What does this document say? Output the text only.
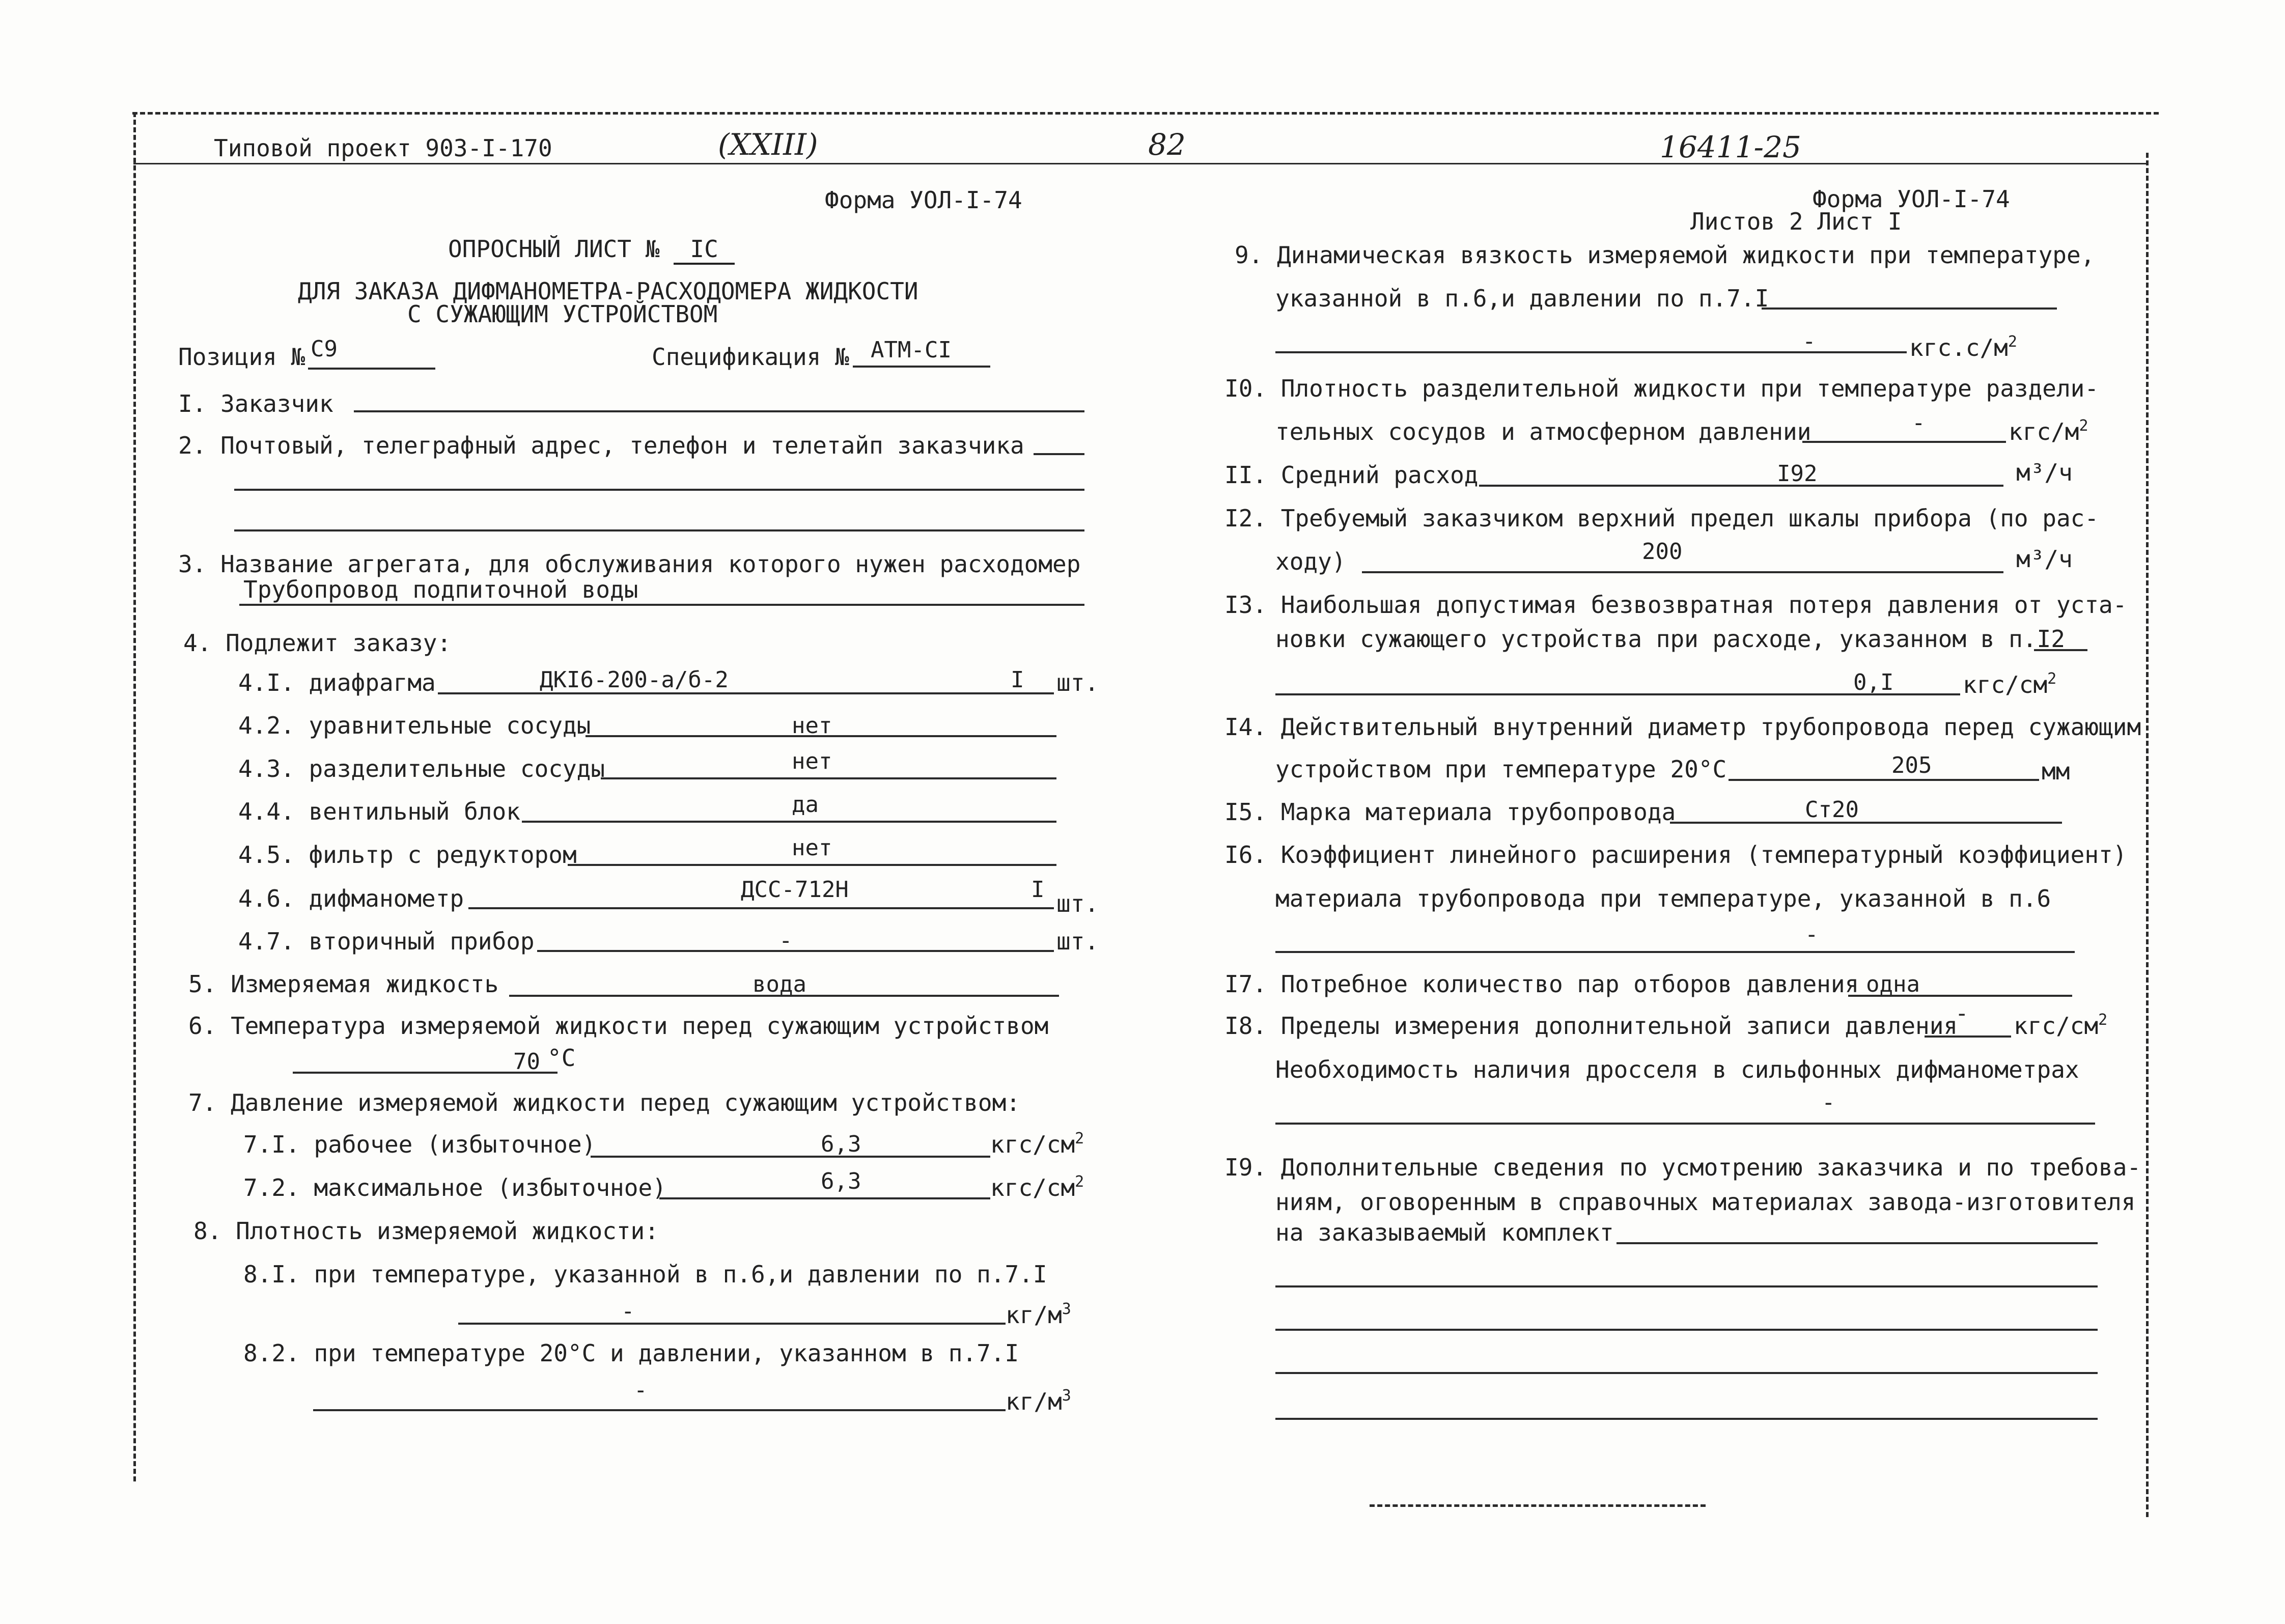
Типовой проект 903-I-170	(XXIII)	82	16411-25
Форма УОЛ-I-74
ОПРОСНЫЙ ЛИСТ № IC
ДЛЯ ЗАКАЗА ДИФМАНОМЕТРА-РАСХОДОМЕРА ЖИДКОСТИ
С СУЖАЮЩИМ УСТРОЙСТВОМ
Позиция № C9	Спецификация № ATM-CI
I. Заказчик
2. Почтовый, телеграфный адрес, телефон и телетайп заказчика
3. Название агрегата, для обслуживания которого нужен расходомер
Трубопровод подпиточной воды
4. Подлежит заказу:
4.I. диафрагма	ДКI6-200-а/б-2	I шт.
4.2. уравнительные сосуды	нет
4.3. разделительные сосуды	нет
4.4. вентильный блок	да
4.5. фильтр с редуктором	нет
4.6. дифманометр	ДСС-712Н	I
шт.
4.7. вторичный прибор	-	шт.
5. Измеряемая жидкость	вода
6. Температура измеряемой жидкости перед сужающим устройством
70 °C
7. Давление измеряемой жидкости перед сужающим устройством:
7.I. рабочее (избыточное)	6,3	кгс/$см^2$
7.2. максимальное (избыточное)	6,3	кгс/$см^2$
8. Плотность измеряемой жидкости:
8.I. при температуре, указанной в п.6,и давлении по п.7.I
-	$кг/м^3$
8.2. при температуре 20°С и давлении, указанном в п.7.I
-	$кг/м^3$
Форма УОЛ-I-74
Листов 2 Лист I
9. Динамическая вязкость измеряемой жидкости при температуре,
указанной в п.6,и давлении по п.7.I
-	$кгс.с/м^2$
I0. Плотность разделительной жидкости при температуре раздели-
тельных сосудов и атмосферном давлении	-	кгс/$м^2$
II. Средний расход	I92	м³/ч
I2. Требуемый заказчиком верхний предел шкалы прибора (по рас-
ходу)	200	м³/ч
I3. Наибольшая допустимая безвозвратная потеря давления от уста-
новки сужающего устройства при расходе, указанном в п.I2
0,I	кгс/$см^2$
I4. Действительный внутренний диаметр трубопровода перед сужающим
устройством при температуре 20°С	205	мм
I5. Марка материала трубопровода	Ст20
I6. Коэффициент линейного расширения (температурный коэффициент)
материала трубопровода при температуре, указанной в п.6
-
I7. Потребное количество пар отборов давления одна
I8. Пределы измерения дополнительной записи давления
- кгс/$см^2$
Необходимость наличия дросселя в сильфонных дифманометрах
-
I9. Дополнительные сведения по усмотрению заказчика и по требова-
ниям, оговоренным в справочных материалах завода-изготовителя
на заказываемый комплект
